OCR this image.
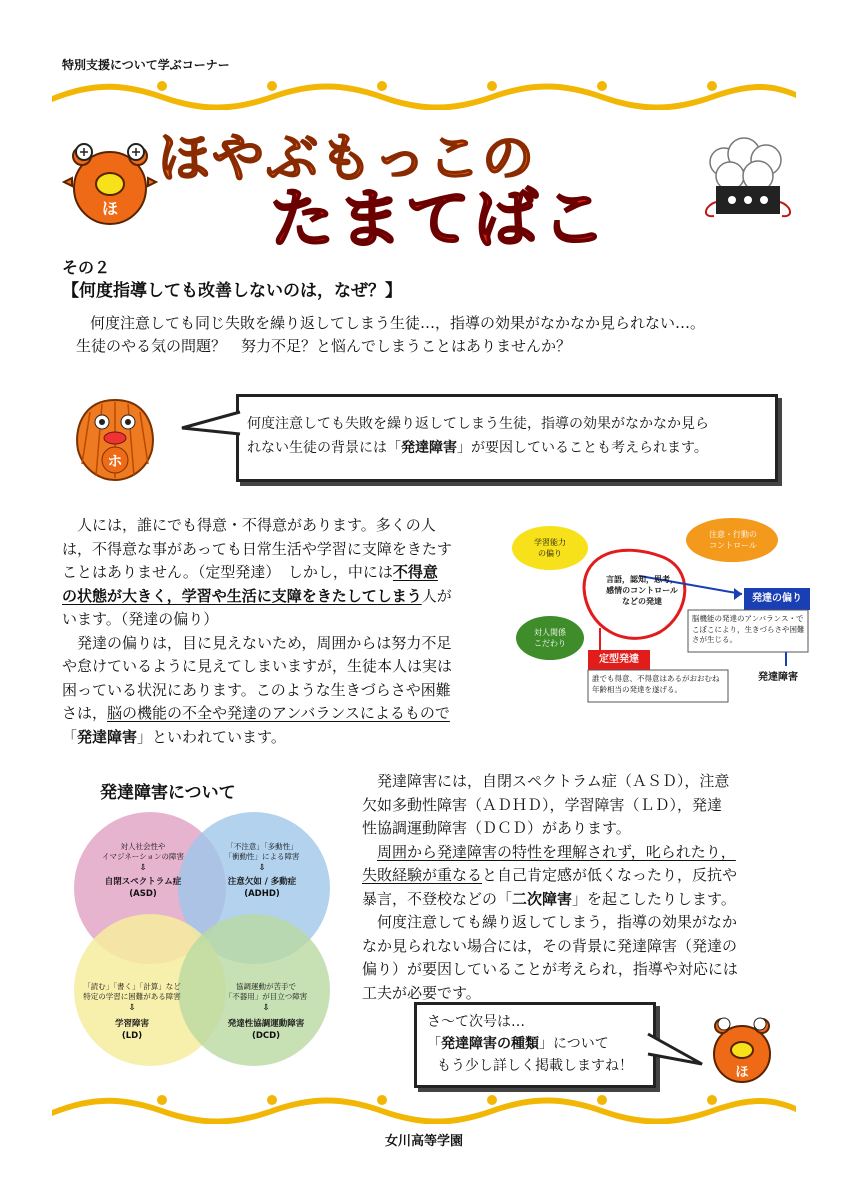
特別支援について学ぶコーナー
ほ
ほやぶもっこの
たまてばこ
その２
【何度指導しても改善しないのは，なぜ？】
何度注意しても同じ失敗を繰り返してしまう生徒…，指導の効果がなかなか見られない…。
生徒のやる気の問題？　努力不足？と悩んでしまうことはありませんか？
ホ
何度注意しても失敗を繰り返してしまう生徒，指導の効果がなかなか見ら
れない生徒の背景には「発達障害」が要因していることも考えられます。
人には，誰にでも得意・不得意があります。多くの人
は，不得意な事があっても日常生活や学習に支障をきたす
ことはありません。（定型発達）　しかし，中には不得意
の状態が大きく，学習や生活に支障をきたしてしまう人が
います。（発達の偏り）
発達の偏りは，目に見えないため，周囲からは努力不足
や怠けているように見えてしまいますが，生徒本人は実は
困っている状況にあります。このような生きづらさや困難
さは，脳の機能の不全や発達のアンバランスによるもので
「発達障害」といわれています。
学習能力
の偏り
注意・行動の
コントロール
対人関係
こだわり
言語，認知，思考，
感情のコントロール
などの発達	発達の偏り
脳機能の発達のアンバランス・でこぼこにより，生きづらさや困難さが生じる。
定型発達
誰でも得意、不得意はあるがおおむね年齢相当の発達を遂げる。
発達障害
発達障害について
対人社会性や
イマジネーションの障害
⇩
自閉スペクトラム症
(ASD)
「不注意」「多動性」
「衝動性」による障害
⇩
注意欠如 / 多動症
(ADHD)
「読む」「書く」「計算」など
特定の学習に困難がある障害
⇩
学習障害
(LD)
協調運動が苦手で
「不器用」が目立つ障害
⇩
発達性協調運動障害
(DCD)
発達障害には，自閉スペクトラム症（ＡＳＤ），注意
欠如多動性障害（ＡＤＨＤ），学習障害（ＬＤ），発達
性協調運動障害（ＤＣＤ）があります。
周囲から発達障害の特性を理解されず，叱られたり，
失敗経験が重なると自己肯定感が低くなったり，反抗や
暴言，不登校などの「二次障害」を起こしたりします。
何度注意しても繰り返してしまう，指導の効果がなか
なか見られない場合には，その背景に発達障害（発達の
偏り）が要因していることが考えられ，指導や対応には
工夫が必要です。
さ～て次号は…
「発達障害の種類」について
もう少し詳しく掲載しますね！	ほ
女川高等学園
